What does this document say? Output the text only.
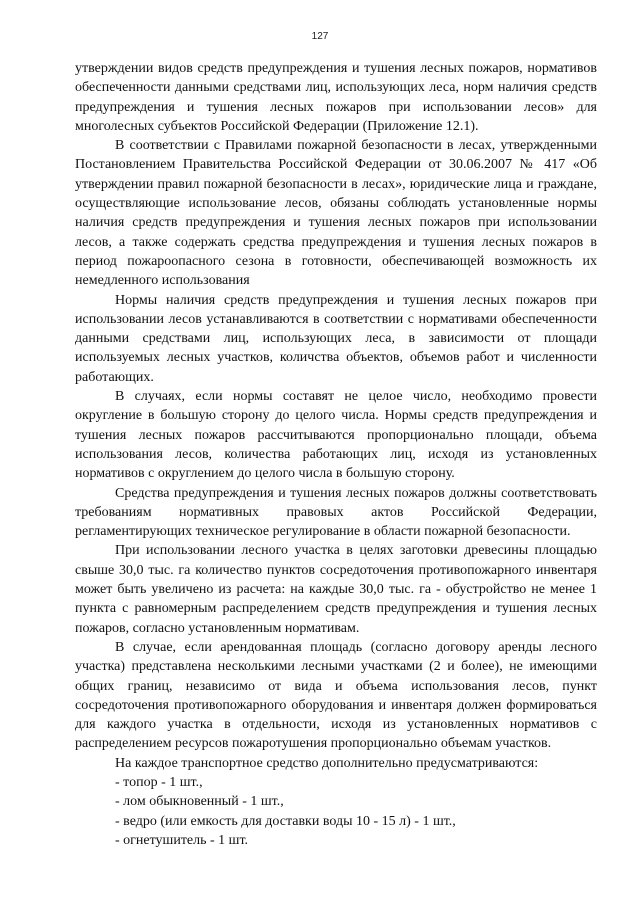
127

утверждении видов средств предупреждения и тушения лесных пожаров, нормативов обеспеченности данными средствами лиц, использующих леса, норм наличия средств предупреждения и тушения лесных пожаров при использовании лесов» для многолесных субъектов Российской Федерации (Приложение 12.1).

В соответствии с Правилами пожарной безопасности в лесах, утвержденными Постановлением Правительства Российской Федерации от 30.06.2007 № 417 «Об утверждении правил пожарной безопасности в лесах», юридические лица и граждане, осуществляющие использование лесов, обязаны соблюдать установленные нормы наличия средств предупреждения и тушения лесных пожаров при использовании лесов, а также содержать средства предупреждения и тушения лесных пожаров в период пожароопасного сезона в готовности, обеспечивающей возможность их немедленного использования

Нормы наличия средств предупреждения и тушения лесных пожаров при использовании лесов устанавливаются в соответствии с нормативами обеспеченности данными средствами лиц, использующих леса, в зависимости от площади используемых лесных участков, количства объектов, объемов работ и численности работающих.

В случаях, если нормы составят не целое число, необходимо провести округление в большую сторону до целого числа. Нормы средств предупреждения и тушения лесных пожаров рассчитываются пропорционально площади, объема использования лесов, количества работающих лиц, исходя из установленных нормативов с округлением до целого числа в большую сторону.

Средства предупреждения и тушения лесных пожаров должны соответствовать требованиям нормативных правовых актов Российской Федерации, регламентирующих техническое регулирование в области пожарной безопасности.

При использовании лесного участка в целях заготовки древесины площадью свыше 30,0 тыс. га количество пунктов сосредоточения противопожарного инвентаря может быть увеличено из расчета: на каждые 30,0 тыс. га - обустройство не менее 1 пункта с равномерным распределением средств предупреждения и тушения лесных пожаров, согласно установленным нормативам.

В случае, если арендованная площадь (согласно договору аренды лесного участка) представлена несколькими лесными участками (2 и более), не имеющими общих границ, независимо от вида и объема использования лесов, пункт сосредоточения противопожарного оборудования и инвентаря должен формироваться для каждого участка в отдельности, исходя из установленных нормативов с распределением ресурсов пожаротушения пропорционально объемам участков.

На каждое транспортное средство дополнительно предусматриваются:

- топор - 1 шт.,

- лом обыкновенный - 1 шт.,

- ведро (или емкость для доставки воды 10 - 15 л) - 1 шт.,

- огнетушитель - 1 шт.
